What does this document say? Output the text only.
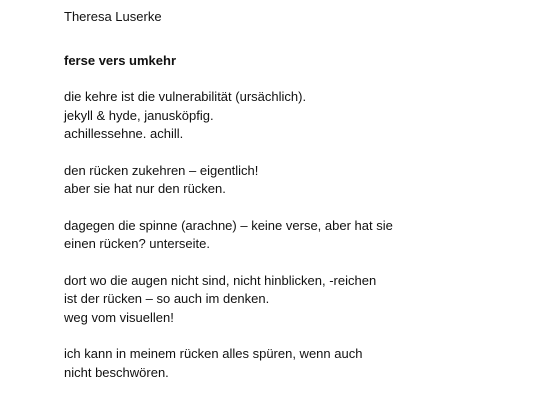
Theresa Luserke

ferse vers umkehr

die kehre ist die vulnerabilität (ursächlich).
jekyll & hyde, janusköpfig.
achillessehne. achill.
den rücken zukehren – eigentlich!
aber sie hat nur den rücken.
dagegen die spinne (arachne) – keine verse, aber hat sie
einen rücken? unterseite.
dort wo die augen nicht sind, nicht hinblicken, -reichen
ist der rücken – so auch im denken.
weg vom visuellen!
ich kann in meinem rücken alles spüren, wenn auch
nicht beschwören.
